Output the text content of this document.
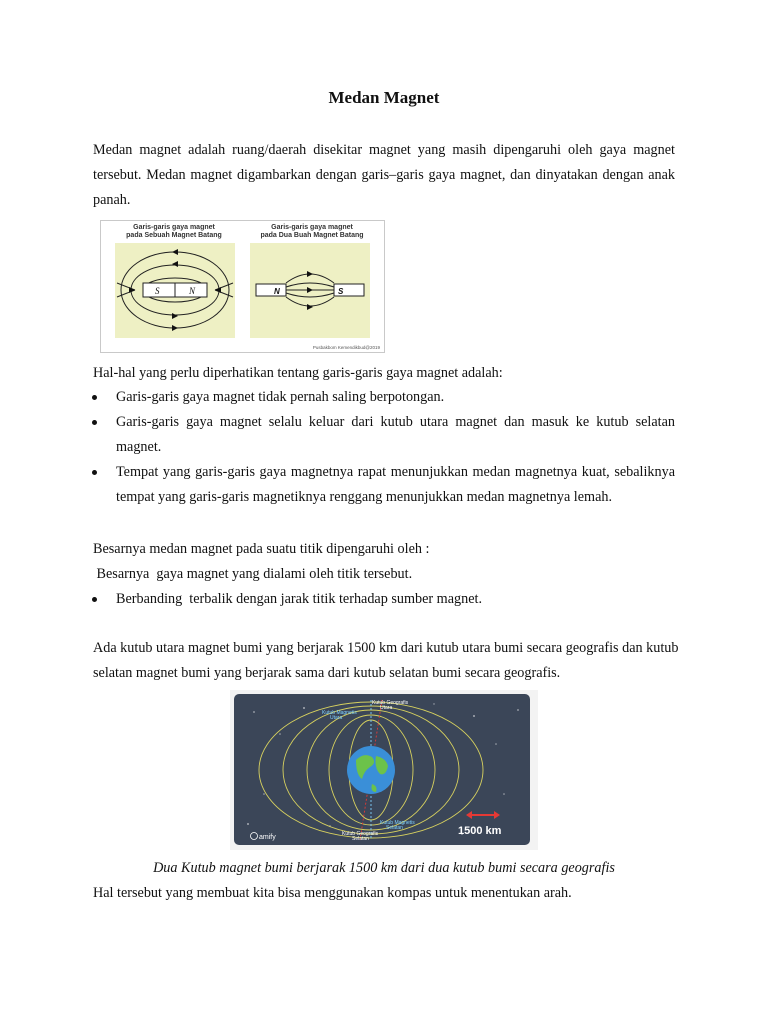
Medan Magnet
Medan magnet adalah ruang/daerah disekitar magnet yang masih dipengaruhi oleh gaya magnet tersebut. Medan magnet digambarkan dengan garis–garis gaya magnet, dan dinyatakan dengan anak panah.
Garis-garis gaya magnet
pada Sebuah Magnet Batang
Garis-garis gaya magnet
pada Dua Buah Magnet Batang
S	N	N	S
Pusbakbom Kemendikbud@2019
Hal-hal yang perlu diperhatikan tentang garis-garis gaya magnet adalah:
Garis-garis gaya magnet tidak pernah saling berpotongan.
Garis-garis gaya magnet selalu keluar dari kutub utara magnet dan masuk ke kutub selatan magnet.
Tempat yang garis-garis gaya magnetnya rapat menunjukkan medan magnetnya kuat, sebaliknya tempat yang garis-garis magnetiknya renggang menunjukkan medan magnetnya lemah.
Besarnya medan magnet pada suatu titik dipengaruhi oleh :
Besarnya  gaya magnet yang dialami oleh titik tersebut.
Berbanding  terbalik dengan jarak titik terhadap sumber magnet.
Ada kutub utara magnet bumi yang berjarak 1500 km dari kutub utara bumi secara geografis dan kutub selatan magnet bumi yang berjarak sama dari kutub selatan bumi secara geografis.
Kutub Geografis
Utara
Kutub Magnetis
Utara
Kutub Magnetis
Selatan
Kutub Geografis
Selatan
1500 km
amify
Dua Kutub magnet bumi berjarak 1500 km dari dua kutub bumi secara geografis
Hal tersebut yang membuat kita bisa menggunakan kompas untuk menentukan arah.
